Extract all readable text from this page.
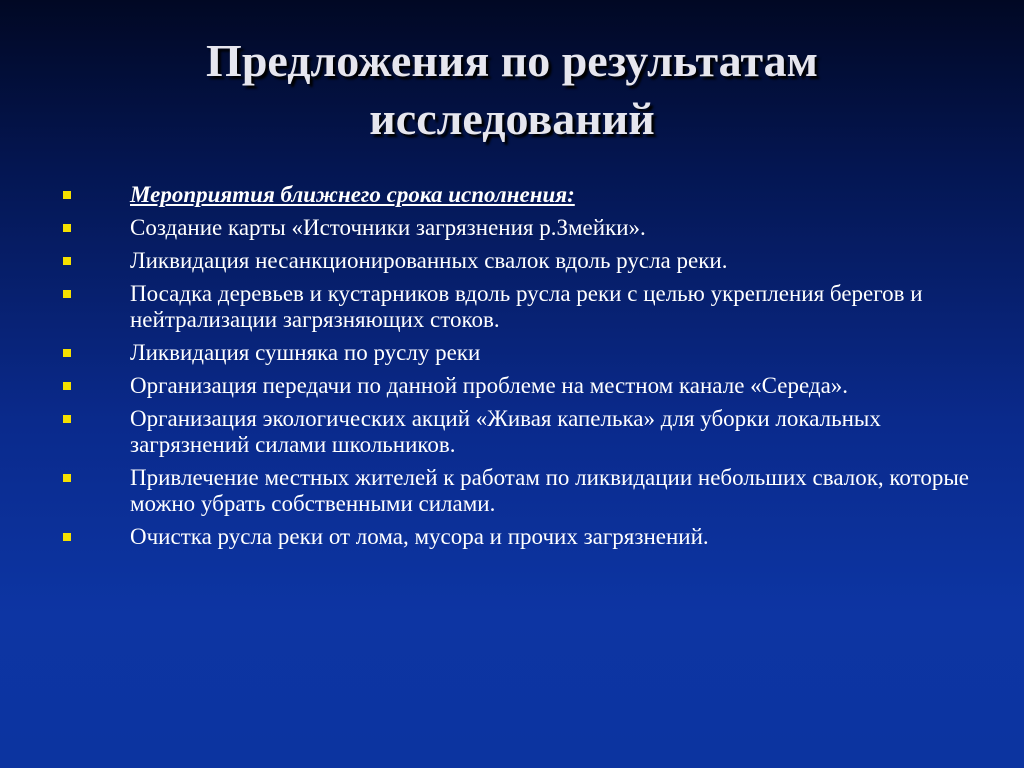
Предложения по результатам
исследований
Мероприятия ближнего срока исполнения:
Создание карты «Источники загрязнения р.Змейки».
Ликвидация несанкционированных свалок вдоль русла реки.
Посадка деревьев и кустарников вдоль русла реки с целью укрепления берегов и нейтрализации загрязняющих стоков.
Ликвидация сушняка по руслу реки
Организация передачи по данной проблеме на местном канале «Середа».
Организация экологических акций «Живая капелька» для уборки локальных загрязнений силами школьников.
Привлечение местных жителей к работам по ликвидации небольших свалок, которые можно убрать собственными силами.
Очистка русла реки от лома, мусора и прочих загрязнений.
